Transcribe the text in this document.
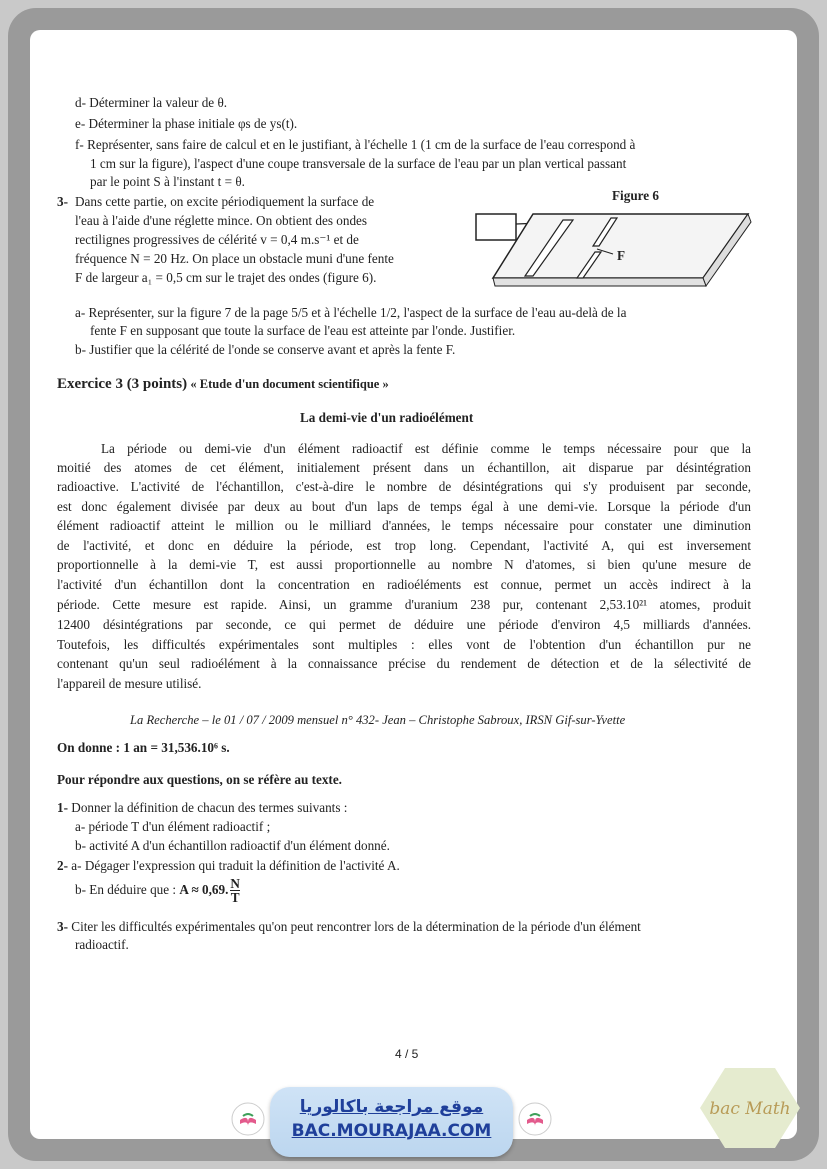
d- Déterminer la valeur de θ.
e- Déterminer la phase initiale φs de ys(t).
f- Représenter, sans faire de calcul et en le justifiant, à l'échelle 1 (1 cm de la surface de l'eau correspond à
1 cm sur la figure), l'aspect d'une coupe transversale de la surface de l'eau par un plan vertical passant
par le point S à l'instant t = θ.
3- Dans cette partie, on excite périodiquement la surface de
l'eau à l'aide d'une réglette mince. On obtient des ondes
rectilignes progressives de célérité v = 0,4 m.s⁻¹ et de
fréquence N = 20 Hz. On place un obstacle muni d'une fente
F de largeur a₁ = 0,5 cm sur le trajet des ondes (figure 6).
Figure 6
F
a- Représenter, sur la figure 7 de la page 5/5 et à l'échelle 1/2, l'aspect de la surface de l'eau au-delà de la
fente F en supposant que toute la surface de l'eau est atteinte par l'onde. Justifier.
b- Justifier que la célérité de l'onde se conserve avant et après la fente F.
Exercice 3 (3 points) « Etude d'un document scientifique »
La demi-vie d'un radioélément
La période ou demi-vie d'un élément radioactif est définie comme le temps nécessaire pour que la
moitié des atomes de cet élément, initialement présent dans un échantillon, ait disparue par désintégration
radioactive. L'activité de l'échantillon, c'est-à-dire le nombre de désintégrations qui s'y produisent par seconde,
est donc également divisée par deux au bout d'un laps de temps égal à une demi-vie. Lorsque la période d'un
élément radioactif atteint le million ou le milliard d'années, le temps nécessaire pour constater une diminution
de l'activité, et donc en déduire la période, est trop long. Cependant, l'activité A, qui est inversement
proportionnelle à la demi-vie T, est aussi proportionnelle au nombre N d'atomes, si bien qu'une mesure de
l'activité d'un échantillon dont la concentration en radioéléments est connue, permet un accès indirect à la
période. Cette mesure est rapide. Ainsi, un gramme d'uranium 238 pur, contenant 2,53.10²¹ atomes, produit
12400 désintégrations par seconde, ce qui permet de déduire une période d'environ 4,5 milliards d'années.
Toutefois, les difficultés expérimentales sont multiples : elles vont de l'obtention d'un échantillon pur ne
contenant qu'un seul radioélément à la connaissance précise du rendement de détection et de la sélectivité de
l'appareil de mesure utilisé.
La Recherche – le 01 / 07 / 2009 mensuel n° 432- Jean – Christophe Sabroux, IRSN Gif-sur-Yvette
On donne : 1 an = 31,536.10⁶ s.
Pour répondre aux questions, on se réfère au texte.
1- Donner la définition de chacun des termes suivants :
a- période T d'un élément radioactif ;
b- activité A d'un échantillon radioactif d'un élément donné.
2- a- Dégager l'expression qui traduit la définition de l'activité A.
b- En déduire que : A ≈ 0,69. $\frac{N}{T}$
3- Citer les difficultés expérimentales qu'on peut rencontrer lors de la détermination de la période d'un élément
radioactif.
4 / 5
موقع مراجعة باكالوريا
BAC.MOURAJAA.COM
bac Math
